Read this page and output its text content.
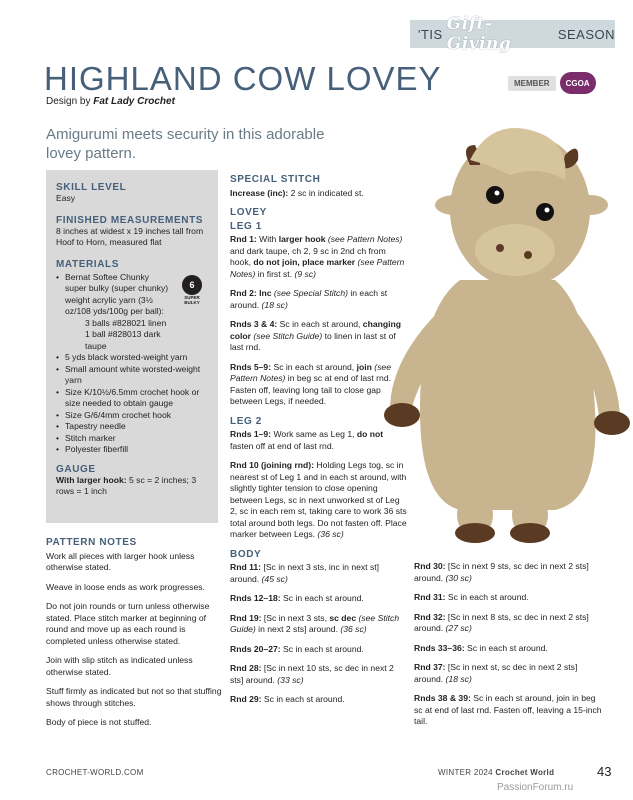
'TIS Gift-Giving	SEASON
HIGHLAND COW LOVEY
Design by Fat Lady Crochet
MEMBER	CGOA
Amigurumi meets security in this adorable lovey pattern.
SKILL LEVEL
Easy
FINISHED MEASUREMENTS
8 inches at widest x 19 inches tall from Hoof to Horn, measured flat
MATERIALS
• Bernat Softee Chunky super bulky (super chunky) weight acrylic yarn (3½ oz/108 yds/100g per ball):
3 balls #828021 linen
1 ball #828013 dark taupe
• 5 yds black worsted-weight yarn
• Small amount white worsted-weight yarn
• Size K/10½/6.5mm crochet hook or size needed to obtain gauge
• Size G/6/4mm crochet hook
• Tapestry needle
• Stitch marker
• Polyester fiberfill
6
SUPER BULKY
GAUGE
With larger hook: 5 sc = 2 inches; 3 rows = 1 inch
PATTERN NOTES

Work all pieces with larger hook unless otherwise stated.

Weave in loose ends as work progresses.

Do not join rounds or turn unless otherwise stated. Place stitch marker at beginning of round and move up as each round is completed unless otherwise stated.

Join with slip stitch as indicated unless otherwise stated.

Stuff firmly as indicated but not so that stuffing shows through stitches.

Body of piece is not stuffed.

SPECIAL STITCH

Increase (inc): 2 sc in indicated st.

LOVEY
LEG 1

Rnd 1: With larger hook (see Pattern Notes) and dark taupe, ch 2, 9 sc in 2nd ch from hook, do not join, place marker (see Pattern Notes) in first st. (9 sc)

Rnd 2: Inc (see Special Stitch) in each st around. (18 sc)

Rnds 3 & 4: Sc in each st around, changing color (see Stitch Guide) to linen in last st of last rnd.

Rnds 5–9: Sc in each st around, join (see Pattern Notes) in beg sc at end of last rnd. Fasten off, leaving long tail to close gap between Legs, if needed.

LEG 2

Rnds 1–9: Work same as Leg 1, do not fasten off at end of last rnd.

Rnd 10 (joining rnd): Holding Legs tog, sc in nearest st of Leg 1 and in each st around, with slightly tighter tension to close opening between Legs, sc in next unworked st of Leg 2, sc in each rem st, taking care to work 36 sts total around both legs. Do not fasten off. Place marker between Legs. (36 sc)

BODY

Rnd 11: [Sc in next 3 sts, inc in next st] around. (45 sc)

Rnds 12–18: Sc in each st around.

Rnd 19: [Sc in next 3 sts, sc dec (see Stitch Guide) in next 2 sts] around. (36 sc)

Rnds 20–27: Sc in each st around.

Rnd 28: [Sc in next 10 sts, sc dec in next 2 sts] around. (33 sc)

Rnd 29: Sc in each st around.

Rnd 30: [Sc in next 9 sts, sc dec in next 2 sts] around. (30 sc)

Rnd 31: Sc in each st around.

Rnd 32: [Sc in next 8 sts, sc dec in next 2 sts] around. (27 sc)

Rnds 33–36: Sc in each st around.

Rnd 37: [Sc in next st, sc dec in next 2 sts] around. (18 sc)

Rnds 38 & 39: Sc in each st around, join in beg sc at end of last rnd. Fasten off, leaving a 15-inch tail.

CROCHET-WORLD.COM	WINTER 2024 Crochet World	43
PassionForum.ru
